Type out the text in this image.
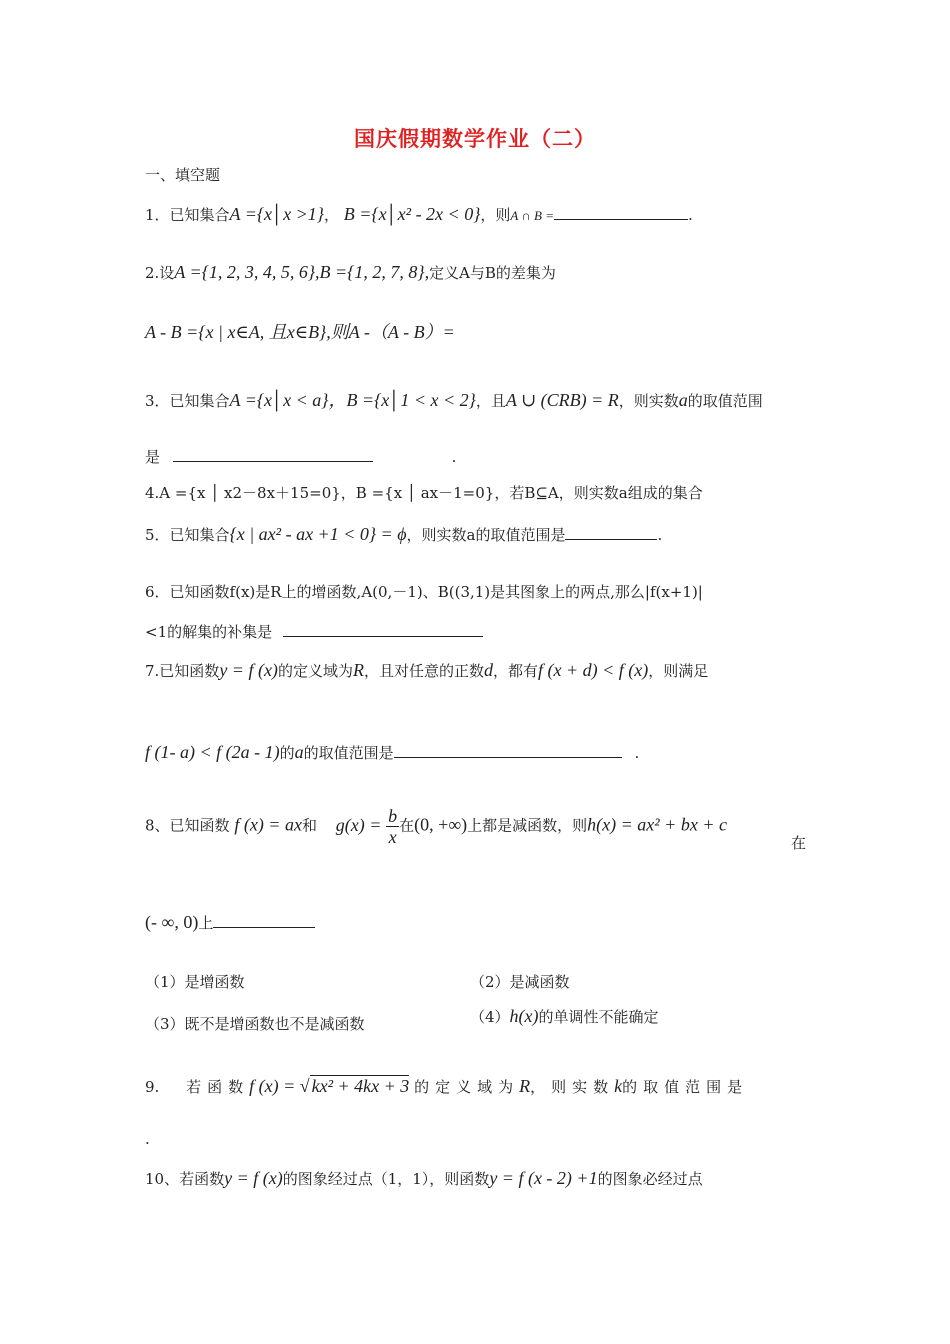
国庆假期数学作业（二）
一、填空题
1．已知集合A ={x│x >1}， B ={x│x² - 2x < 0}，则A ∩ B =	.
2.设A ={1, 2, 3, 4, 5, 6},B ={1, 2, 7, 8},定义A与B的差集为
A - B ={x | x∈A, 且x∈B},则A -（A - B）=
3．已知集合A ={x│x < a}，B ={x│1 < x < 2}，且A ∪ (CRB) = R，则实数a的取值范围
是	.
4.A ={x │ x2－8x＋15=0}，B ={x │ ax－1=0}，若B⊆A，则实数a组成的集合
5．已知集合{x | ax² - ax +1 < 0} = ϕ，则实数a的取值范围是	.
6．已知函数f(x)是R上的增函数,A(0,－1)、B((3,1)是其图象上的两点,那么|f(x+1)|
<1的解集的补集是
7.已知函数y = f (x)的定义域为R，且对任意的正数d，都有f (x + d) < f (x)，则满足
f (1- a) < f (2a - 1)的a的取值范围是	.
8、已知函数 f (x) = ax和 $g(x) = \frac{b}{x}$ 在(0, +∞)上都是减函数，则h(x) = ax² + bx + c
在
(- ∞, 0)上
（1）是增函数	（2）是减函数
（3）既不是增函数也不是减函数	（4）h(x)的单调性不能确定
9. 若函数f (x) = √ kx² + 4kx + 3 的定义域为R，则实数k的取值范围是
.
10、若函数y = f (x)的图象经过点（1，1），则函数y = f (x - 2) +1的图象必经过点
